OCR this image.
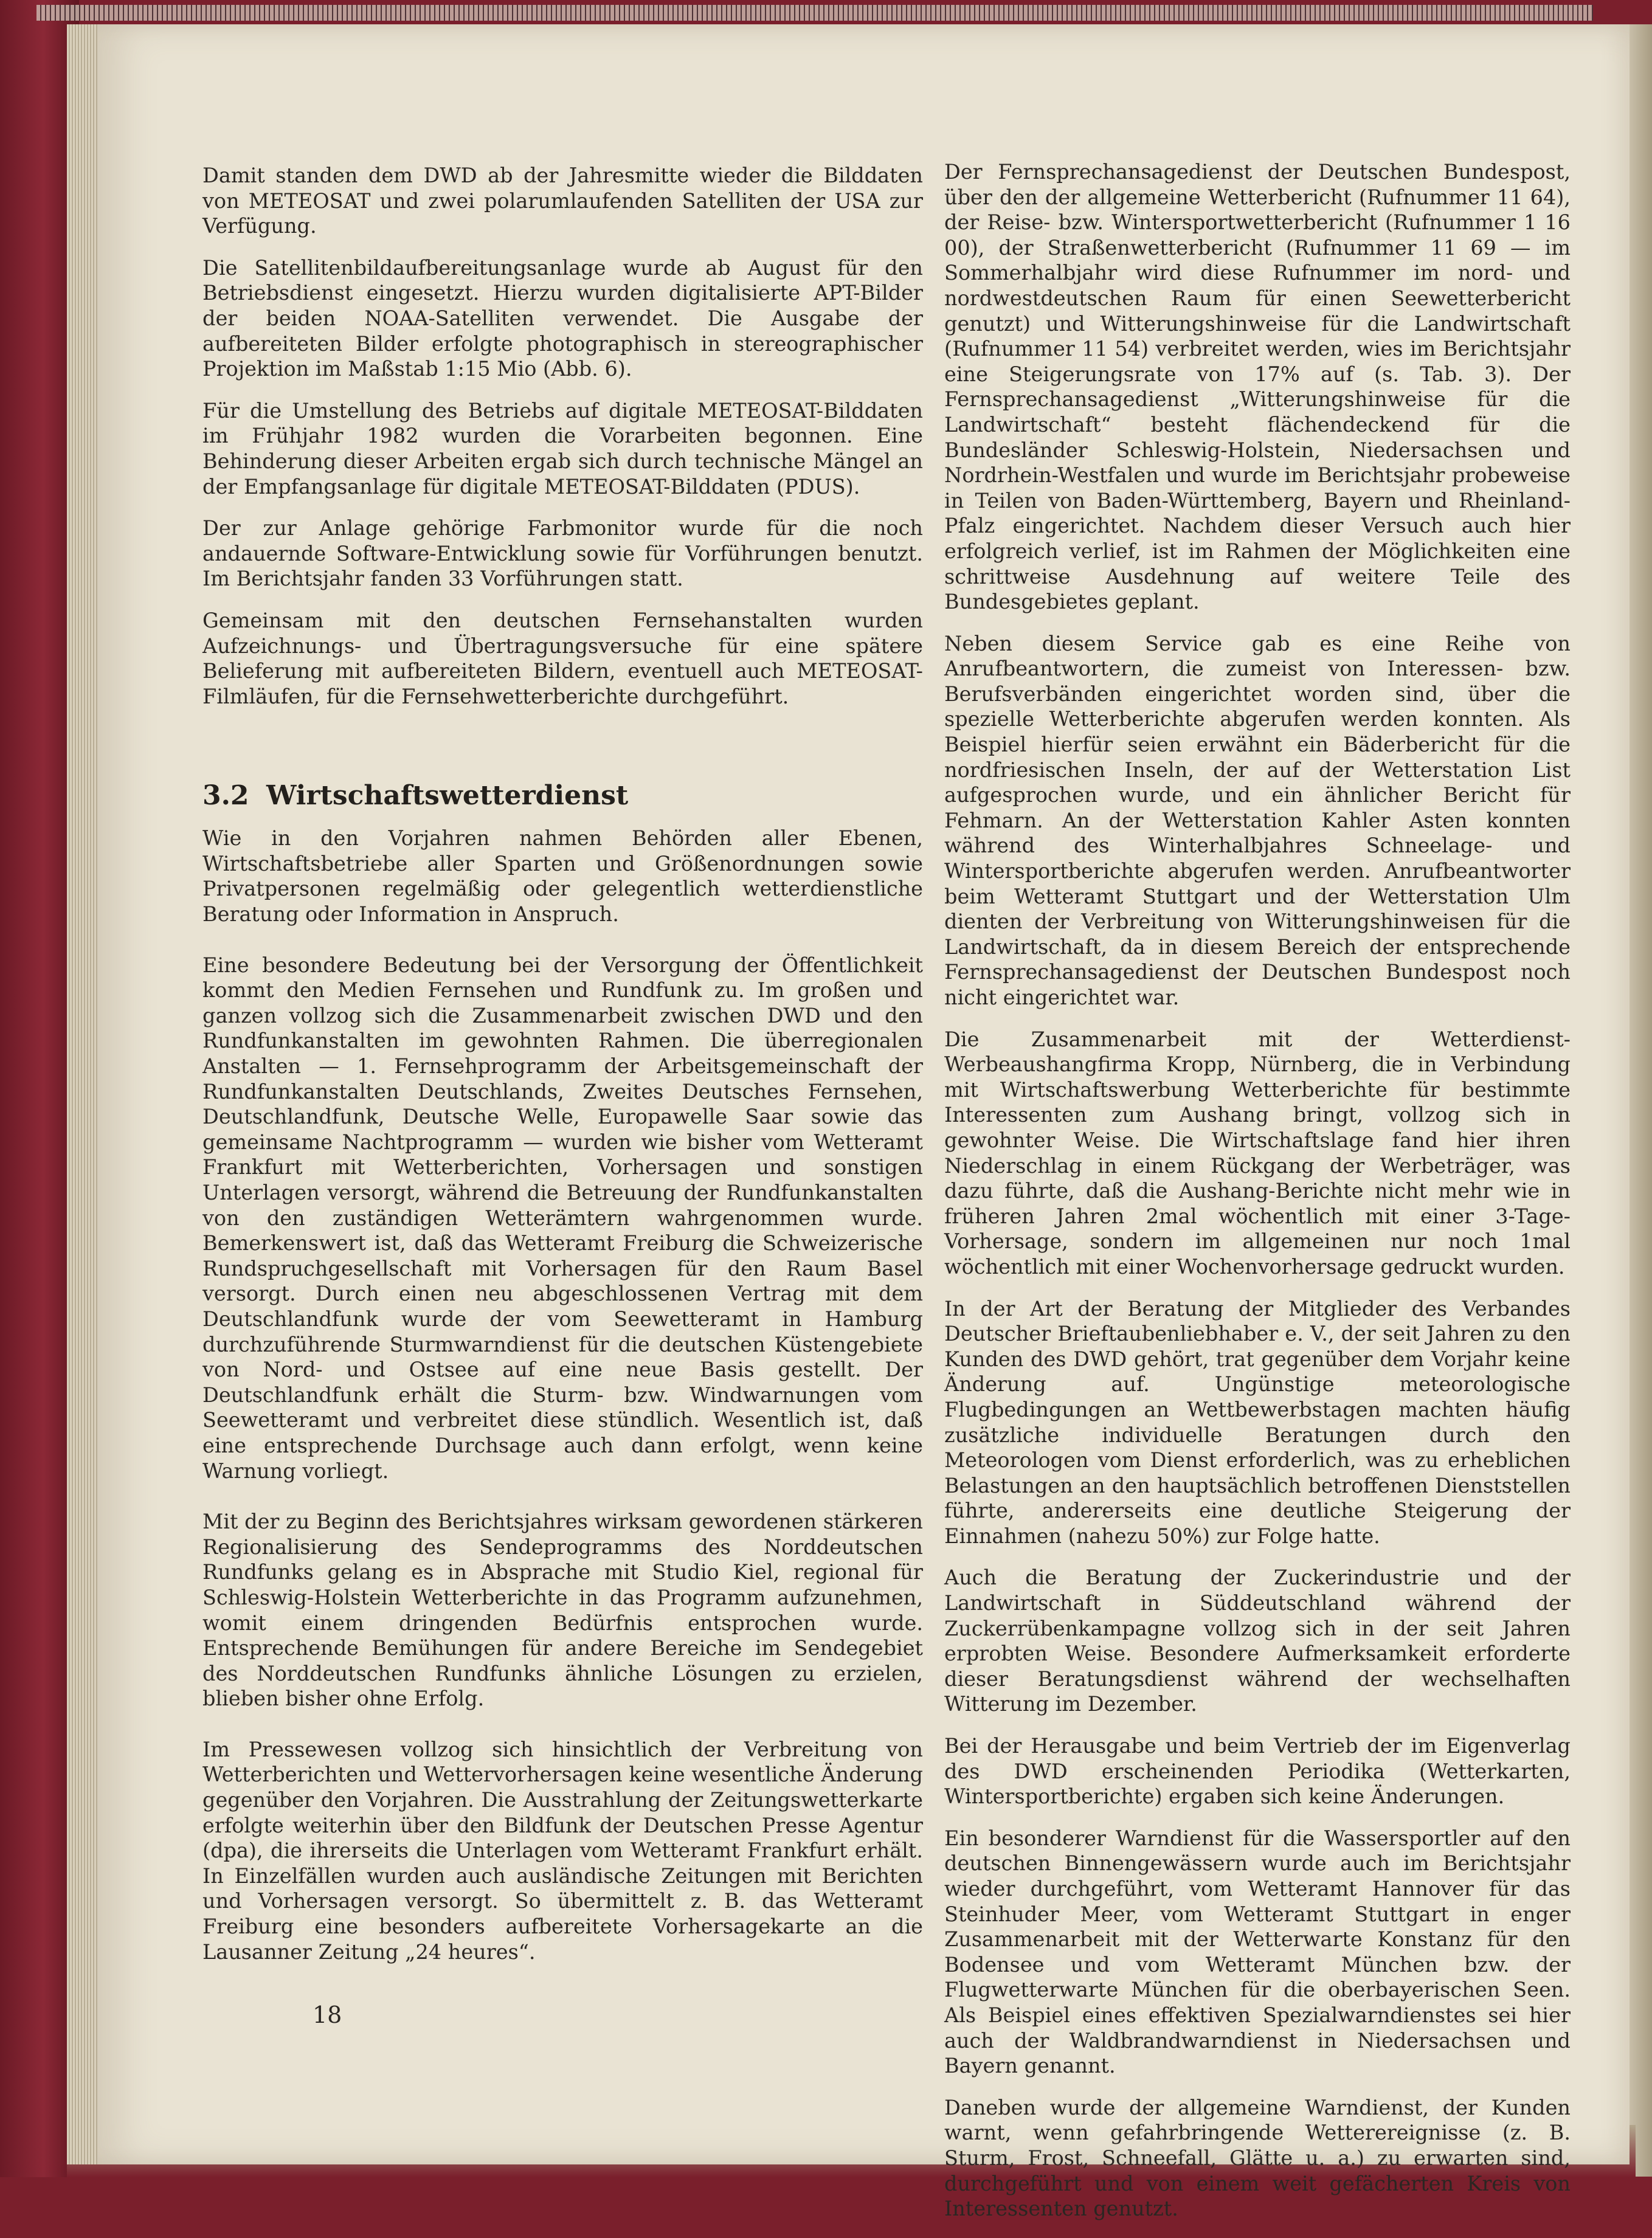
Damit standen dem DWD ab der Jahresmitte wieder die Bilddaten von METEOSAT und zwei polarumlaufenden Satelliten der USA zur Verfügung.

Die Satellitenbildaufbereitungsanlage wurde ab August für den Betriebsdienst eingesetzt. Hierzu wurden digitalisierte APT-Bilder der beiden NOAA-Satelliten verwendet. Die Ausgabe der aufbereiteten Bilder erfolgte photographisch in stereographischer Projektion im Maßstab 1:15 Mio (Abb. 6).

Für die Umstellung des Betriebs auf digitale METEOSAT-Bilddaten im Frühjahr 1982 wurden die Vorarbeiten begonnen. Eine Behinderung dieser Arbeiten ergab sich durch technische Mängel an der Empfangsanlage für digitale METEOSAT-Bilddaten (PDUS).

Der zur Anlage gehörige Farbmonitor wurde für die noch andauernde Software-Entwicklung sowie für Vorführungen benutzt. Im Berichtsjahr fanden 33 Vorführungen statt.

Gemeinsam mit den deutschen Fernsehanstalten wurden Aufzeichnungs- und Übertragungsversuche für eine spätere Belieferung mit aufbereiteten Bildern, eventuell auch METEOSAT-Filmläufen, für die Fernsehwetterberichte durchgeführt.

3.2 Wirtschaftswetterdienst

Wie in den Vorjahren nahmen Behörden aller Ebenen, Wirtschaftsbetriebe aller Sparten und Größenordnungen sowie Privatpersonen regelmäßig oder gelegentlich wetterdienstliche Beratung oder Information in Anspruch.

Eine besondere Bedeutung bei der Versorgung der Öffentlichkeit kommt den Medien Fernsehen und Rundfunk zu. Im großen und ganzen vollzog sich die Zusammenarbeit zwischen DWD und den Rundfunkanstalten im gewohnten Rahmen. Die überregionalen Anstalten — 1. Fernsehprogramm der Arbeitsgemeinschaft der Rundfunkanstalten Deutschlands, Zweites Deutsches Fernsehen, Deutschlandfunk, Deutsche Welle, Europawelle Saar sowie das gemeinsame Nachtprogramm — wurden wie bisher vom Wetteramt Frankfurt mit Wetterberichten, Vorhersagen und sonstigen Unterlagen versorgt, während die Betreuung der Rundfunkanstalten von den zuständigen Wetterämtern wahrgenommen wurde. Bemerkenswert ist, daß das Wetteramt Freiburg die Schweizerische Rundspruchgesellschaft mit Vorhersagen für den Raum Basel versorgt. Durch einen neu abgeschlossenen Vertrag mit dem Deutschlandfunk wurde der vom Seewetteramt in Hamburg durchzuführende Sturmwarndienst für die deutschen Küstengebiete von Nord- und Ostsee auf eine neue Basis gestellt. Der Deutschlandfunk erhält die Sturm- bzw. Windwarnungen vom Seewetteramt und verbreitet diese stündlich. Wesentlich ist, daß eine entsprechende Durchsage auch dann erfolgt, wenn keine Warnung vorliegt.

Mit der zu Beginn des Berichtsjahres wirksam gewordenen stärkeren Regionalisierung des Sendeprogramms des Norddeutschen Rundfunks gelang es in Absprache mit Studio Kiel, regional für Schleswig-Holstein Wetterberichte in das Programm aufzunehmen, womit einem dringenden Bedürfnis entsprochen wurde. Entsprechende Bemühungen für andere Bereiche im Sendegebiet des Norddeutschen Rundfunks ähnliche Lösungen zu erzielen, blieben bisher ohne Erfolg.

Im Pressewesen vollzog sich hinsichtlich der Verbreitung von Wetterberichten und Wettervorhersagen keine wesentliche Änderung gegenüber den Vorjahren. Die Ausstrahlung der Zeitungswetterkarte erfolgte weiterhin über den Bildfunk der Deutschen Presse Agentur (dpa), die ihrerseits die Unterlagen vom Wetteramt Frankfurt erhält. In Einzelfällen wurden auch ausländische Zeitungen mit Berichten und Vorhersagen versorgt. So übermittelt z. B. das Wetteramt Freiburg eine besonders aufbereitete Vorhersagekarte an die Lausanner Zeitung „24 heures“.

Der Fernsprechansagedienst der Deutschen Bundespost, über den der allgemeine Wetterbericht (Rufnummer 11 64), der Reise- bzw. Wintersportwetterbericht (Rufnummer 1 16 00), der Straßenwetterbericht (Rufnummer 11 69 — im Sommerhalbjahr wird diese Rufnummer im nord- und nordwestdeutschen Raum für einen Seewetterbericht genutzt) und Witterungshinweise für die Landwirtschaft (Rufnummer 11 54) verbreitet werden, wies im Berichtsjahr eine Steigerungsrate von 17% auf (s. Tab. 3). Der Fernsprechansagedienst „Witterungshinweise für die Landwirtschaft“ besteht flächendeckend für die Bundesländer Schleswig-Holstein, Niedersachsen und Nordrhein-Westfalen und wurde im Berichtsjahr probeweise in Teilen von Baden-Württemberg, Bayern und Rheinland-Pfalz eingerichtet. Nachdem dieser Versuch auch hier erfolgreich verlief, ist im Rahmen der Möglichkeiten eine schrittweise Ausdehnung auf weitere Teile des Bundesgebietes geplant.

Neben diesem Service gab es eine Reihe von Anrufbeantwortern, die zumeist von Interessen- bzw. Berufsverbänden eingerichtet worden sind, über die spezielle Wetterberichte abgerufen werden konnten. Als Beispiel hierfür seien erwähnt ein Bäderbericht für die nordfriesischen Inseln, der auf der Wetterstation List aufgesprochen wurde, und ein ähnlicher Bericht für Fehmarn. An der Wetterstation Kahler Asten konnten während des Winterhalbjahres Schneelage- und Wintersportberichte abgerufen werden. Anrufbeantworter beim Wetteramt Stuttgart und der Wetterstation Ulm dienten der Verbreitung von Witterungshinweisen für die Landwirtschaft, da in diesem Bereich der entsprechende Fernsprechansagedienst der Deutschen Bundespost noch nicht eingerichtet war.

Die Zusammenarbeit mit der Wetterdienst-Werbeaushangfirma Kropp, Nürnberg, die in Verbindung mit Wirtschaftswerbung Wetterberichte für bestimmte Interessenten zum Aushang bringt, vollzog sich in gewohnter Weise. Die Wirtschaftslage fand hier ihren Niederschlag in einem Rückgang der Werbeträger, was dazu führte, daß die Aushang-Berichte nicht mehr wie in früheren Jahren 2mal wöchentlich mit einer 3-Tage-Vorhersage, sondern im allgemeinen nur noch 1mal wöchentlich mit einer Wochenvorhersage gedruckt wurden.

In der Art der Beratung der Mitglieder des Verbandes Deutscher Brieftaubenliebhaber e. V., der seit Jahren zu den Kunden des DWD gehört, trat gegenüber dem Vorjahr keine Änderung auf. Ungünstige meteorologische Flugbedingungen an Wettbewerbstagen machten häufig zusätzliche individuelle Beratungen durch den Meteorologen vom Dienst erforderlich, was zu erheblichen Belastungen an den hauptsächlich betroffenen Dienststellen führte, andererseits eine deutliche Steigerung der Einnahmen (nahezu 50%) zur Folge hatte.

Auch die Beratung der Zuckerindustrie und der Landwirtschaft in Süddeutschland während der Zuckerrübenkampagne vollzog sich in der seit Jahren erprobten Weise. Besondere Aufmerksamkeit erforderte dieser Beratungsdienst während der wechselhaften Witterung im Dezember.

Bei der Herausgabe und beim Vertrieb der im Eigenverlag des DWD erscheinenden Periodika (Wetterkarten, Wintersportberichte) ergaben sich keine Änderungen.

Ein besonderer Warndienst für die Wassersportler auf den deutschen Binnengewässern wurde auch im Berichtsjahr wieder durchgeführt, vom Wetteramt Hannover für das Steinhuder Meer, vom Wetteramt Stuttgart in enger Zusammenarbeit mit der Wetterwarte Konstanz für den Bodensee und vom Wetteramt München bzw. der Flugwetterwarte München für die oberbayerischen Seen. Als Beispiel eines effektiven Spezialwarndienstes sei hier auch der Waldbrandwarndienst in Niedersachsen und Bayern genannt.

Daneben wurde der allgemeine Warndienst, der Kunden warnt, wenn gefahrbringende Wetterereignisse (z. B. Sturm, Frost, Schneefall, Glätte u. a.) zu erwarten sind, durchgeführt und von einem weit gefächerten Kreis von Interessenten genutzt.

18
